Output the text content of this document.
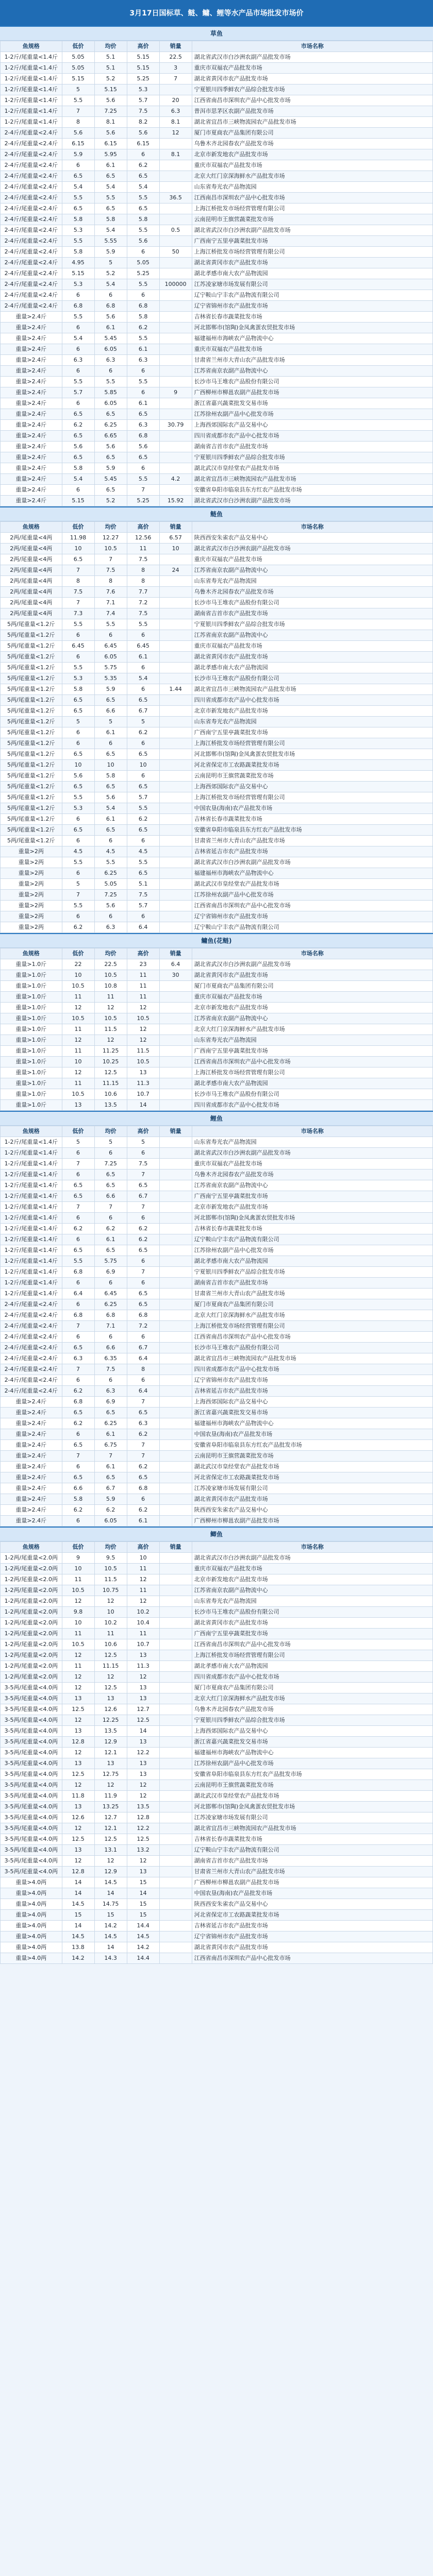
3月17日国标草、鲢、鳙、鲤等水产品市场批发市场价
草鱼
鱼规格	低价	均价	高价	销量	市场名称
1-2斤/尾重量<1.4斤	5.05	5.1	5.15	22.5	湖北省武汉市白沙洲农副产品批发市场
1-2斤/尾重量<1.4斤	5.05	5.1	5.15	3	重庆市双福农产品批发市场
1-2斤/尾重量<1.4斤	5.15	5.2	5.25	7	湖北省黄冈市农产品批发市场
1-2斤/尾重量<1.4斤	5	5.15	5.3		宁夏银川四季鲜农产品综合批发市场
1-2斤/尾重量<1.4斤	5.5	5.6	5.7	20	江西省南昌市深圳农产品中心批发市场
1-2斤/尾重量<1.4斤	7	7.25	7.5	6.3	普洱市思茅区农副产品批发市场
1-2斤/尾重量<1.4斤	8	8.1	8.2	8.1	湖北省宜昌市三峡物流园农产品批发市场
2-4斤/尾重量<2.4斤	5.6	5.6	5.6	12	厦门市夏商农产品集团有限公司
2-4斤/尾重量<2.4斤	6.15	6.15	6.15		乌鲁木齐北园春农产品批发市场
2-4斤/尾重量<2.4斤	5.9	5.95	6	8.1	北京市新发地农产品批发市场
2-4斤/尾重量<2.4斤	6	6.1	6.2		重庆市双福农产品批发市场
2-4斤/尾重量<2.4斤	6.5	6.5	6.5		北京大红门京深海鲜水产品批发市场
2-4斤/尾重量<2.4斤	5.4	5.4	5.4		山东省寿光农产品物流园
2-4斤/尾重量<2.4斤	5.5	5.5	5.5	36.5	江西南昌市深圳农产品中心批发市场
2-4斤/尾重量<2.4斤	6.5	6.5	6.5		上海江桥批发市场经营管理有限公司
2-4斤/尾重量<2.4斤	5.8	5.8	5.8		云南昆明市王旗营蔬菜批发市场
2-4斤/尾重量<2.4斤	5.3	5.4	5.5	0.5	湖北省武汉市白沙洲农副产品批发市场
2-4斤/尾重量<2.4斤	5.5	5.55	5.6		广西南宁五里亭蔬菜批发市场
2-4斤/尾重量<2.4斤	5.8	5.9	6	50	上海江桥批发市场经营管理有限公司
2-4斤/尾重量<2.4斤	4.95	5	5.05		湖北省黄冈市农产品批发市场
2-4斤/尾重量<2.4斤	5.15	5.2	5.25		湖北孝感市南大农产品物流园
2-4斤/尾重量<2.4斤	5.3	5.4	5.5	100000	江苏凌家塘市场发展有限公司
2-4斤/尾重量<2.4斤	6	6	6		辽宁鞍山宁丰农产品物流有限公司
2-4斤/尾重量<2.4斤	6.8	6.8	6.8		辽宁省锦州市农产品批发市场
重量>2.4斤	5.5	5.6	5.8		吉林省长春市蔬菜批发市场
重量>2.4斤	6	6.1	6.2		河北邯郸市(馆陶)金凤禽蛋农贸批发市场
重量>2.4斤	5.4	5.45	5.5		福建福州市海峡农产品物流中心
重量>2.4斤	6	6.05	6.1		重庆市双福农产品批发市场
重量>2.4斤	6.3	6.3	6.3		甘肃省兰州市大青山农产品批发市场
重量>2.4斤	6	6	6		江苏省南京农副产品物流中心
重量>2.4斤	5.5	5.5	5.5		长沙市马王堆农产品股份有限公司
重量>2.4斤	5.7	5.85	6	9	广西柳州市柳邕农副产品批发市场
重量>2.4斤	6	6.05	6.1		浙江省嘉兴蔬菜批发交易市场
重量>2.4斤	6.5	6.5	6.5		江苏徐州农副产品中心批发市场
重量>2.4斤	6.2	6.25	6.3	30.79	上海西郊国际农产品交易中心
重量>2.4斤	6.5	6.65	6.8		四川省成都市农产品中心批发市场
重量>2.4斤	5.6	5.6	5.6		湖南省吉首市农产品批发市场
重量>2.4斤	6.5	6.5	6.5		宁夏银川四季鲜农产品综合批发市场
重量>2.4斤	5.8	5.9	6		湖北武汉市皇经堂农产品批发市场
重量>2.4斤	5.4	5.45	5.5	4.2	湖北省宜昌市三峡物流园农产品批发市场
重量>2.4斤	6	6.5	7		安徽省阜阳市临泉县东方红农产品批发市场
重量>2.4斤	5.15	5.2	5.25	15.92	湖北省武汉市白沙洲农副产品批发市场
鲢鱼
鱼规格	低价	均价	高价	销量	市场名称
2两/尾重量<4两	11.98	12.27	12.56	6.57	陕西西安朱雀农产品交易中心
2两/尾重量<4两	10	10.5	11	10	湖北省武汉市白沙洲农副产品批发市场
2两/尾重量<4两	6.5	7	7.5		重庆市双福农产品批发市场
2两/尾重量<4两	7	7.5	8	24	江苏省南京农副产品物流中心
2两/尾重量<4两	8	8	8		山东省寿光农产品物流园
2两/尾重量<4两	7.5	7.6	7.7		乌鲁木齐北园春农产品批发市场
2两/尾重量<4两	7	7.1	7.2		长沙市马王堆农产品股份有限公司
2两/尾重量<4两	7.3	7.4	7.5		湖南省吉首市农产品批发市场
5两/尾重量<1.2斤	5.5	5.5	5.5		宁夏银川四季鲜农产品综合批发市场
5两/尾重量<1.2斤	6	6	6		江苏省南京农副产品物流中心
5两/尾重量<1.2斤	6.45	6.45	6.45		重庆市双福农产品批发市场
5两/尾重量<1.2斤	6	6.05	6.1		湖北省黄冈市农产品批发市场
5两/尾重量<1.2斤	5.5	5.75	6		湖北孝感市南大农产品物流园
5两/尾重量<1.2斤	5.3	5.35	5.4		长沙市马王堆农产品股份有限公司
5两/尾重量<1.2斤	5.8	5.9	6	1.44	湖北省宜昌市三峡物流园农产品批发市场
5两/尾重量<1.2斤	6.5	6.5	6.5		四川省成都市农产品中心批发市场
5两/尾重量<1.2斤	6.5	6.6	6.7		北京市新发地农产品批发市场
5两/尾重量<1.2斤	5	5	5		山东省寿光农产品物流园
5两/尾重量<1.2斤	6	6.1	6.2		广西南宁五里亭蔬菜批发市场
5两/尾重量<1.2斤	6	6	6		上海江桥批发市场经营管理有限公司
5两/尾重量<1.2斤	6.5	6.5	6.5		河北邯郸市(馆陶)金凤禽蛋农贸批发市场
5两/尾重量<1.2斤	10	10	10		河北省保定市工农路蔬菜批发市场
5两/尾重量<1.2斤	5.6	5.8	6		云南昆明市王旗营蔬菜批发市场
5两/尾重量<1.2斤	6.5	6.5	6.5		上海西郊国际农产品交易中心
5两/尾重量<1.2斤	5.5	5.6	5.7		上海江桥批发市场经营管理有限公司
5两/尾重量<1.2斤	5.3	5.4	5.5		中国农垦(海南)农产品批发市场
5两/尾重量<1.2斤	6	6.1	6.2		吉林省长春市蔬菜批发市场
5两/尾重量<1.2斤	6.5	6.5	6.5		安徽省阜阳市临泉县东方红农产品批发市场
5两/尾重量<1.2斤	6	6	6		甘肃省兰州市大青山农产品批发市场
重量>2两	4.5	4.5	4.5		吉林省延吉市农产品批发市场
重量>2两	5.5	5.5	5.5		湖北省武汉市白沙洲农副产品批发市场
重量>2两	6	6.25	6.5		福建福州市海峡农产品物流中心
重量>2两	5	5.05	5.1		湖北武汉市皇经堂农产品批发市场
重量>2两	7	7.25	7.5		江苏徐州农副产品中心批发市场
重量>2两	5.5	5.6	5.7		江西省南昌市深圳农产品中心批发市场
重量>2两	6	6	6		辽宁省锦州市农产品批发市场
重量>2两	6.2	6.3	6.4		辽宁鞍山宁丰农产品物流有限公司
鳙鱼(花鲢)
鱼规格	低价	均价	高价	销量	市场名称
重量>1.0斤	22	22.5	23	6.4	湖北省武汉市白沙洲农副产品批发市场
重量>1.0斤	10	10.5	11	30	湖北省黄冈市农产品批发市场
重量>1.0斤	10.5	10.8	11		厦门市夏商农产品集团有限公司
重量>1.0斤	11	11	11		重庆市双福农产品批发市场
重量>1.0斤	12	12	12		北京市新发地农产品批发市场
重量>1.0斤	10.5	10.5	10.5		江苏省南京农副产品物流中心
重量>1.0斤	11	11.5	12		北京大红门京深海鲜水产品批发市场
重量>1.0斤	12	12	12		山东省寿光农产品物流园
重量>1.0斤	11	11.25	11.5		广西南宁五里亭蔬菜批发市场
重量>1.0斤	10	10.25	10.5		江西省南昌市深圳农产品中心批发市场
重量>1.0斤	12	12.5	13		上海江桥批发市场经营管理有限公司
重量>1.0斤	11	11.15	11.3		湖北孝感市南大农产品物流园
重量>1.0斤	10.5	10.6	10.7		长沙市马王堆农产品股份有限公司
重量>1.0斤	13	13.5	14		四川省成都市农产品中心批发市场
鲤鱼
鱼规格	低价	均价	高价	销量	市场名称
1-2斤/尾重量<1.4斤	5	5	5		山东省寿光农产品物流园
1-2斤/尾重量<1.4斤	6	6	6		湖北省武汉市白沙洲农副产品批发市场
1-2斤/尾重量<1.4斤	7	7.25	7.5		重庆市双福农产品批发市场
1-2斤/尾重量<1.4斤	6	6.5	7		乌鲁木齐北园春农产品批发市场
1-2斤/尾重量<1.4斤	6.5	6.5	6.5		江苏省南京农副产品物流中心
1-2斤/尾重量<1.4斤	6.5	6.6	6.7		广西南宁五里亭蔬菜批发市场
1-2斤/尾重量<1.4斤	7	7	7		北京市新发地农产品批发市场
1-2斤/尾重量<1.4斤	6	6	6		河北邯郸市(馆陶)金凤禽蛋农贸批发市场
1-2斤/尾重量<1.4斤	6.2	6.2	6.2		吉林省长春市蔬菜批发市场
1-2斤/尾重量<1.4斤	6	6.1	6.2		辽宁鞍山宁丰农产品物流有限公司
1-2斤/尾重量<1.4斤	6.5	6.5	6.5		江苏徐州农副产品中心批发市场
1-2斤/尾重量<1.4斤	5.5	5.75	6		湖北孝感市南大农产品物流园
1-2斤/尾重量<1.4斤	6.8	6.9	7		宁夏银川四季鲜农产品综合批发市场
1-2斤/尾重量<1.4斤	6	6	6		湖南省吉首市农产品批发市场
1-2斤/尾重量<1.4斤	6.4	6.45	6.5		甘肃省兰州市大青山农产品批发市场
2-4斤/尾重量<2.4斤	6	6.25	6.5		厦门市夏商农产品集团有限公司
2-4斤/尾重量<2.4斤	6.8	6.8	6.8		北京大红门京深海鲜水产品批发市场
2-4斤/尾重量<2.4斤	7	7.1	7.2		上海江桥批发市场经营管理有限公司
2-4斤/尾重量<2.4斤	6	6	6		江西省南昌市深圳农产品中心批发市场
2-4斤/尾重量<2.4斤	6.5	6.6	6.7		长沙市马王堆农产品股份有限公司
2-4斤/尾重量<2.4斤	6.3	6.35	6.4		湖北省宜昌市三峡物流园农产品批发市场
2-4斤/尾重量<2.4斤	7	7.5	8		四川省成都市农产品中心批发市场
2-4斤/尾重量<2.4斤	6	6	6		辽宁省锦州市农产品批发市场
2-4斤/尾重量<2.4斤	6.2	6.3	6.4		吉林省延吉市农产品批发市场
重量>2.4斤	6.8	6.9	7		上海西郊国际农产品交易中心
重量>2.4斤	6.5	6.5	6.5		浙江省嘉兴蔬菜批发交易市场
重量>2.4斤	6.2	6.25	6.3		福建福州市海峡农产品物流中心
重量>2.4斤	6	6.1	6.2		中国农垦(海南)农产品批发市场
重量>2.4斤	6.5	6.75	7		安徽省阜阳市临泉县东方红农产品批发市场
重量>2.4斤	7	7	7		云南昆明市王旗营蔬菜批发市场
重量>2.4斤	6	6.1	6.2		湖北武汉市皇经堂农产品批发市场
重量>2.4斤	6.5	6.5	6.5		河北省保定市工农路蔬菜批发市场
重量>2.4斤	6.6	6.7	6.8		江苏凌家塘市场发展有限公司
重量>2.4斤	5.8	5.9	6		湖北省黄冈市农产品批发市场
重量>2.4斤	6.2	6.2	6.2		陕西西安朱雀农产品交易中心
重量>2.4斤	6	6.05	6.1		广西柳州市柳邕农副产品批发市场
鲫鱼
鱼规格	低价	均价	高价	销量	市场名称
1-2两/尾重量<2.0两	9	9.5	10		湖北省武汉市白沙洲农副产品批发市场
1-2两/尾重量<2.0两	10	10.5	11		重庆市双福农产品批发市场
1-2两/尾重量<2.0两	11	11.5	12		北京市新发地农产品批发市场
1-2两/尾重量<2.0两	10.5	10.75	11		江苏省南京农副产品物流中心
1-2两/尾重量<2.0两	12	12	12		山东省寿光农产品物流园
1-2两/尾重量<2.0两	9.8	10	10.2		长沙市马王堆农产品股份有限公司
1-2两/尾重量<2.0两	10	10.2	10.4		湖北省黄冈市农产品批发市场
1-2两/尾重量<2.0两	11	11	11		广西南宁五里亭蔬菜批发市场
1-2两/尾重量<2.0两	10.5	10.6	10.7		江西省南昌市深圳农产品中心批发市场
1-2两/尾重量<2.0两	12	12.5	13		上海江桥批发市场经营管理有限公司
1-2两/尾重量<2.0两	11	11.15	11.3		湖北孝感市南大农产品物流园
1-2两/尾重量<2.0两	12	12	12		四川省成都市农产品中心批发市场
3-5两/尾重量<4.0两	12	12.5	13		厦门市夏商农产品集团有限公司
3-5两/尾重量<4.0两	13	13	13		北京大红门京深海鲜水产品批发市场
3-5两/尾重量<4.0两	12.5	12.6	12.7		乌鲁木齐北园春农产品批发市场
3-5两/尾重量<4.0两	12	12.25	12.5		宁夏银川四季鲜农产品综合批发市场
3-5两/尾重量<4.0两	13	13.5	14		上海西郊国际农产品交易中心
3-5两/尾重量<4.0两	12.8	12.9	13		浙江省嘉兴蔬菜批发交易市场
3-5两/尾重量<4.0两	12	12.1	12.2		福建福州市海峡农产品物流中心
3-5两/尾重量<4.0两	13	13	13		江苏徐州农副产品中心批发市场
3-5两/尾重量<4.0两	12.5	12.75	13		安徽省阜阳市临泉县东方红农产品批发市场
3-5两/尾重量<4.0两	12	12	12		云南昆明市王旗营蔬菜批发市场
3-5两/尾重量<4.0两	11.8	11.9	12		湖北武汉市皇经堂农产品批发市场
3-5两/尾重量<4.0两	13	13.25	13.5		河北邯郸市(馆陶)金凤禽蛋农贸批发市场
3-5两/尾重量<4.0两	12.6	12.7	12.8		江苏凌家塘市场发展有限公司
3-5两/尾重量<4.0两	12	12.1	12.2		湖北省宜昌市三峡物流园农产品批发市场
3-5两/尾重量<4.0两	12.5	12.5	12.5		吉林省长春市蔬菜批发市场
3-5两/尾重量<4.0两	13	13.1	13.2		辽宁鞍山宁丰农产品物流有限公司
3-5两/尾重量<4.0两	12	12	12		湖南省吉首市农产品批发市场
3-5两/尾重量<4.0两	12.8	12.9	13		甘肃省兰州市大青山农产品批发市场
重量>4.0两	14	14.5	15		广西柳州市柳邕农副产品批发市场
重量>4.0两	14	14	14		中国农垦(海南)农产品批发市场
重量>4.0两	14.5	14.75	15		陕西西安朱雀农产品交易中心
重量>4.0两	15	15	15		河北省保定市工农路蔬菜批发市场
重量>4.0两	14	14.2	14.4		吉林省延吉市农产品批发市场
重量>4.0两	14.5	14.5	14.5		辽宁省锦州市农产品批发市场
重量>4.0两	13.8	14	14.2		湖北省黄冈市农产品批发市场
重量>4.0两	14.2	14.3	14.4		江西省南昌市深圳农产品中心批发市场
